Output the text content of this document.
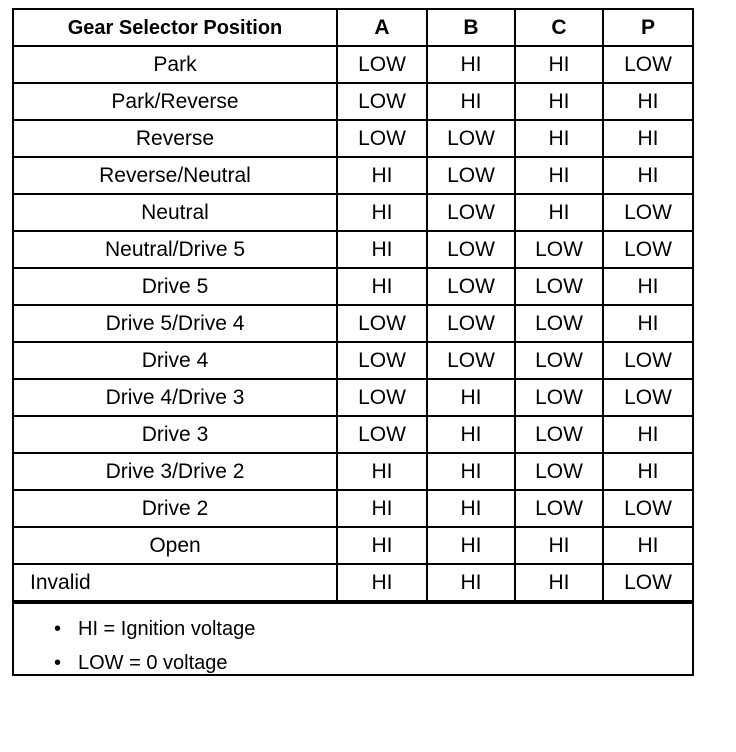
Gear Selector Position	A	B	C	P
Park	LOW	HI	HI	LOW
Park/Reverse	LOW	HI	HI	HI
Reverse	LOW	LOW	HI	HI
Reverse/Neutral	HI	LOW	HI	HI
Neutral	HI	LOW	HI	LOW
Neutral/Drive 5	HI	LOW	LOW	LOW
Drive 5	HI	LOW	LOW	HI
Drive 5/Drive 4	LOW	LOW	LOW	HI
Drive 4	LOW	LOW	LOW	LOW
Drive 4/Drive 3	LOW	HI	LOW	LOW
Drive 3	LOW	HI	LOW	HI
Drive 3/Drive 2	HI	HI	LOW	HI
Drive 2	HI	HI	LOW	LOW
Open	HI	HI	HI	HI
Invalid	HI	HI	HI	LOW
• HI = Ignition voltage
• LOW = 0 voltage
